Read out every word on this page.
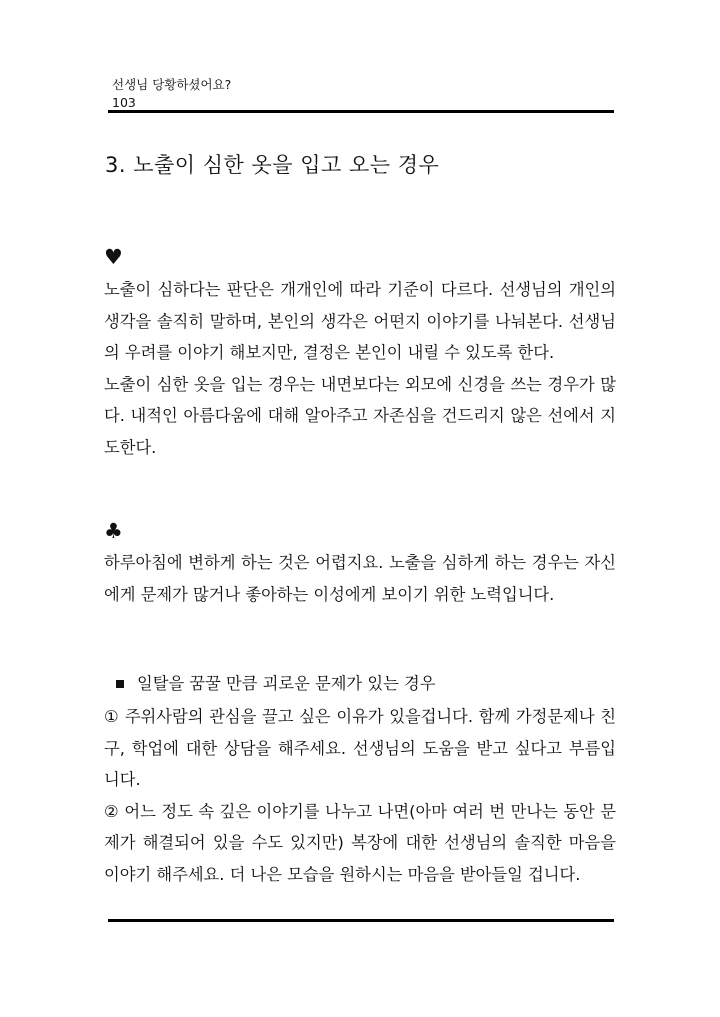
선생님 당황하셨어요?
103
3. 노출이 심한 옷을 입고 오는 경우
♥

노출이 심하다는 판단은 개개인에 따라 기준이 다르다. 선생님의 개인의 생각을 솔직히 말하며, 본인의 생각은 어떤지 이야기를 나눠본다. 선생님의 우려를 이야기 해보지만, 결정은 본인이 내릴 수 있도록 한다.

노출이 심한 옷을 입는 경우는 내면보다는 외모에 신경을 쓰는 경우가 많다. 내적인 아름다움에 대해 알아주고 자존심을 건드리지 않은 선에서 지도한다.

♣

하루아침에 변하게 하는 것은 어렵지요. 노출을 심하게 하는 경우는 자신에게 문제가 많거나 좋아하는 이성에게 보이기 위한 노력입니다.

일탈을 꿈꿀 만큼 괴로운 문제가 있는 경우

① 주위사람의 관심을 끌고 싶은 이유가 있을겁니다. 함께 가정문제나 친구, 학업에 대한 상담을 해주세요. 선생님의 도움을 받고 싶다고 부름입니다.

② 어느 정도 속 깊은 이야기를 나누고 나면(아마 여러 번 만나는 동안 문제가 해결되어 있을 수도 있지만) 복장에 대한 선생님의 솔직한 마음을 이야기 해주세요. 더 나은 모습을 원하시는 마음을 받아들일 겁니다.
